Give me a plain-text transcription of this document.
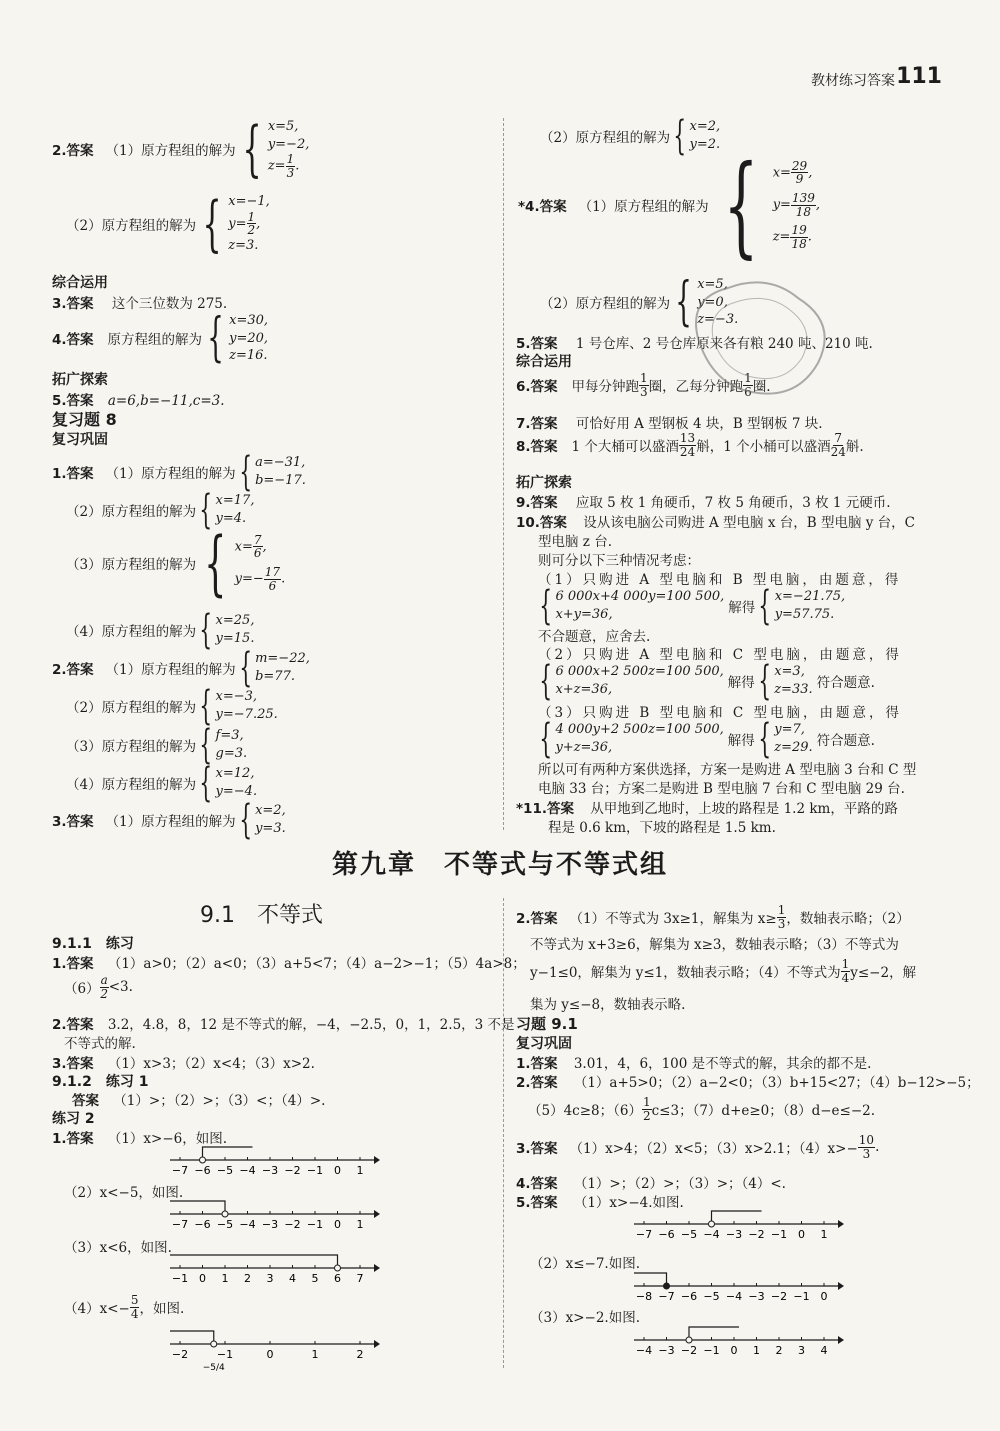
教材练习答案 111
2.答案 （1）原方程组的解为 { x=5,
y=−2,
$z= \frac{1}{3}$ .
（2）原方程组的解为 { x=−1,
$y= \frac{1}{2}$ ,
z=3.
综合运用
3.答案 这个三位数为 275.
4.答案 原方程组的解为 { x=30,
y=20,
z=16.
拓广探索
5.答案 a=6,b=−11,c=3.
复习题 8
复习巩固
1.答案 （1）原方程组的解为 { a=−31,
b=−17.
（2）原方程组的解为 { x=17,
y=4.
（3）原方程组的解为 { $x= \frac{7}{6}$ ,
$y=- \frac{17}{6}$ .
（4）原方程组的解为 { x=25,
y=15.
2.答案 （1）原方程组的解为 { m=−22,
b=77.
（2）原方程组的解为 { x=−3,
y=−7.25.
（3）原方程组的解为 { f=3,
g=3.
（4）原方程组的解为 { x=12,
y=−4.
3.答案 （1）原方程组的解为 { x=2,
y=3.
（2）原方程组的解为 { x=2,
y=2.
*4.答案 （1）原方程组的解为 { $x= \frac{29}{9}$ ,
$y= \frac{139}{18}$ ,
$z= \frac{19}{18}$ .
（2）原方程组的解为 { x=5,
y=0,
z=−3.
5.答案 1 号仓库、2 号仓库原来各有粮 240 吨、210 吨.
综合运用
6.答案 甲每分钟跑 $\frac{1}{3}$ 圈，乙每分钟跑 $\frac{1}{6}$ 圈.
7.答案 可恰好用 A 型钢板 4 块，B 型钢板 7 块.
8.答案 1 个大桶可以盛酒 $\frac{13}{24}$ 斛，1 个小桶可以盛酒 $\frac{7}{24}$ 斛.
拓广探索
9.答案 应取 5 枚 1 角硬币，7 枚 5 角硬币，3 枚 1 元硬币.
10.答案 设从该电脑公司购进 A 型电脑 x 台，B 型电脑 y 台，C
型电脑 z 台.
则可分以下三种情况考虑：
（1）只购进 A 型电脑和 B 型电脑，由题意，得
{ 6 000x+4 000y=100 500,
x+y=36,	解得 { x=−21.75,
y=57.75.
不合题意，应舍去.
（2）只购进 A 型电脑和 C 型电脑，由题意，得
{ 6 000x+2 500z=100 500,
x+z=36,	解得 { x=3,
z=33. 符合题意.
（3）只购进 B 型电脑和 C 型电脑，由题意，得
{ 4 000y+2 500z=100 500,
y+z=36,	解得 { y=7,
z=29. 符合题意.
所以可有两种方案供选择，方案一是购进 A 型电脑 3 台和 C 型
电脑 33 台；方案二是购进 B 型电脑 7 台和 C 型电脑 29 台.
*11.答案 从甲地到乙地时，上坡的路程是 1.2 km，平路的路
程是 0.6 km，下坡的路程是 1.5 km.
第九章　不等式与不等式组
9.1　不等式
9.1.1　练习
1.答案 （1）a>0；（2）a<0；（3）a+5<7；（4）a−2>−1；（5）4a>8；
$(6) \frac{a}{2} <3$.
2.答案 3.2，4.8，8，12 是不等式的解，−4，−2.5，0，1，2.5，3 不是
不等式的解.
3.答案 （1）x>3；（2）x<4；（3）x>2.
9.1.2　练习 1
答案 （1）>；（2）>；（3）<；（4）>.
练习 2
1.答案 （1）x>−6，如图.
−7 −6 −5 −4 −3 −2 −1 0 1
（2）x<−5，如图.
−7 −6 −5 −4 −3 −2 −1 0 1
（3）x<6，如图.
−1 0 1 2 3 4 5 6 7
$(4)x<- \frac{5}{4}$ ，如图.
−2	−1	0	1	2
−5/4
2.答案 （1）不等式为 3x≥1，解集为 $x\ge \frac{1}{3}$ ，数轴表示略；（2）
不等式为 x+3≥6，解集为 x≥3，数轴表示略；（3）不等式为
y−1≤0，解集为 y≤1，数轴表示略；（4）不等式为 $\frac{1}{4} y\le-2$，解
集为 y≤−8，数轴表示略.
习题 9.1
复习巩固
1.答案 3.01，4，6，100 是不等式的解，其余的都不是.
2.答案 （1）a+5>0；（2）a−2<0；（3）b+15<27；（4）b−12>−5；
（5）4c≥8；$(6) \frac{1}{2} c\le 3$；（7）d+e≥0；（8）d−e≤−2.
3.答案 （1）x>4；（2）x<5；（3）x>2.1；$(4)x>- \frac{10}{3}$ .
4.答案 （1）>；（2）>；（3）>；（4）<.
5.答案 （1）x>−4.如图.
−7 −6 −5 −4 −3 −2 −1 0 1
（2）x≤−7.如图.
−8 −7 −6 −5 −4 −3 −2 −1 0
（3）x>−2.如图.
−4 −3 −2 −1 0 1 2 3 4
